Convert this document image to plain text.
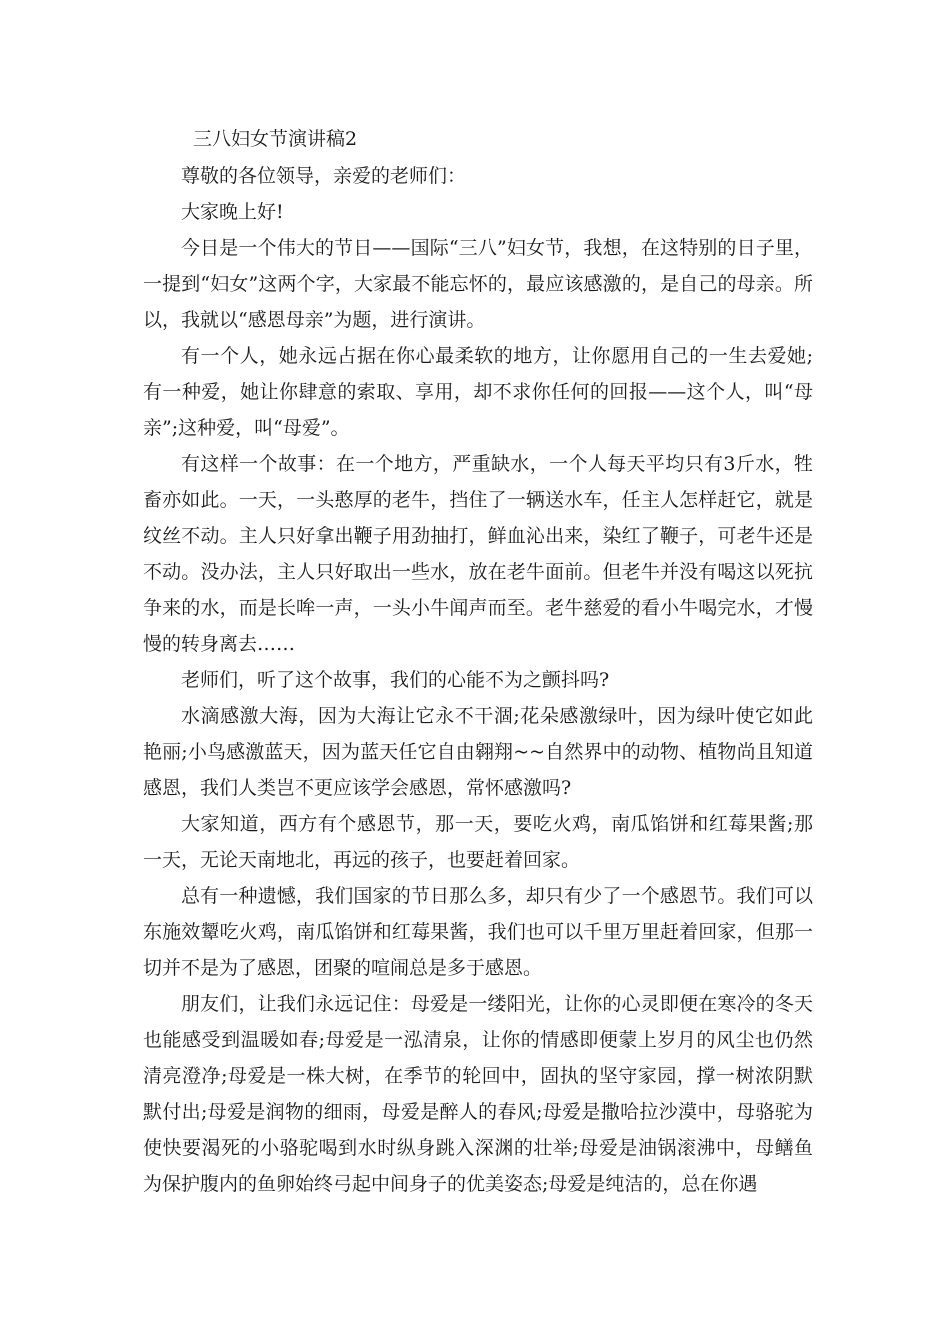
三八妇女节演讲稿2

尊敬的各位领导，亲爱的老师们：

大家晚上好!

今日是一个伟大的节日——国际“三八”妇女节，我想，在这特别的日子里，一提到“妇女”这两个字，大家最不能忘怀的，最应该感激的，是自己的母亲。所以，我就以“感恩母亲”为题，进行演讲。

有一个人，她永远占据在你心最柔软的地方，让你愿用自己的一生去爱她;有一种爱，她让你肆意的索取、享用，却不求你任何的回报——这个人，叫“母亲”;这种爱，叫“母爱”。

有这样一个故事：在一个地方，严重缺水，一个人每天平均只有3斤水，牲畜亦如此。一天，一头憨厚的老牛，挡住了一辆送水车，任主人怎样赶它，就是纹丝不动。主人只好拿出鞭子用劲抽打，鲜血沁出来，染红了鞭子，可老牛还是不动。没办法，主人只好取出一些水，放在老牛面前。但老牛并没有喝这以死抗争来的水，而是长哞一声，一头小牛闻声而至。老牛慈爱的看小牛喝完水，才慢慢的转身离去……

老师们，听了这个故事，我们的心能不为之颤抖吗?

水滴感激大海，因为大海让它永不干涸;花朵感激绿叶，因为绿叶使它如此艳丽;小鸟感激蓝天，因为蓝天任它自由翱翔~~自然界中的动物、植物尚且知道感恩，我们人类岂不更应该学会感恩，常怀感激吗?

大家知道，西方有个感恩节，那一天，要吃火鸡，南瓜馅饼和红莓果酱;那一天，无论天南地北，再远的孩子，也要赶着回家。

总有一种遗憾，我们国家的节日那么多，却只有少了一个感恩节。我们可以东施效颦吃火鸡，南瓜馅饼和红莓果酱，我们也可以千里万里赶着回家，但那一切并不是为了感恩，团聚的喧闹总是多于感恩。

朋友们，让我们永远记住：母爱是一缕阳光，让你的心灵即便在寒冷的冬天也能感受到温暖如春;母爱是一泓清泉，让你的情感即便蒙上岁月的风尘也仍然清亮澄净;母爱是一株大树，在季节的轮回中，固执的坚守家园，撑一树浓阴默默付出;母爱是润物的细雨，母爱是醉人的春风;母爱是撒哈拉沙漠中，母骆驼为使快要渴死的小骆驼喝到水时纵身跳入深渊的壮举;母爱是油锅滚沸中，母鳝鱼为保护腹内的鱼卵始终弓起中间身子的优美姿态;母爱是纯洁的，总在你遇
